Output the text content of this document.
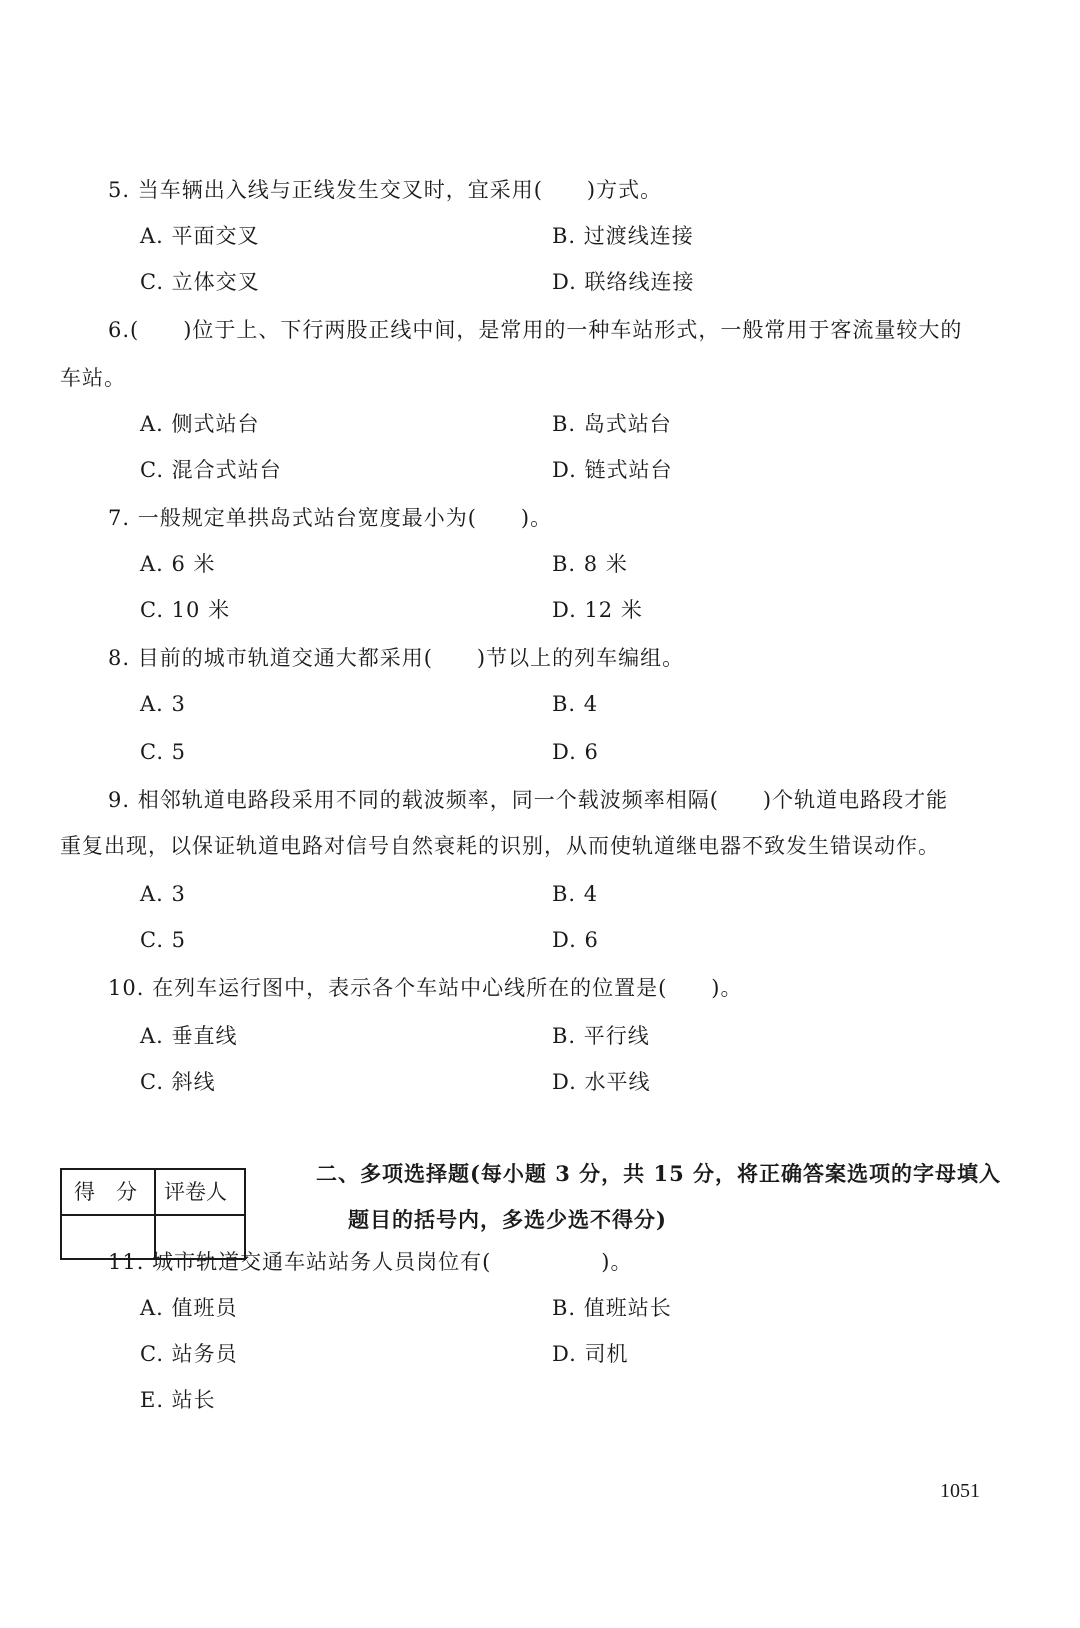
5. 当车辆出入线与正线发生交叉时，宜采用(　　)方式。
A. 平面交叉	B. 过渡线连接
C. 立体交叉	D. 联络线连接
6.(　　)位于上、下行两股正线中间，是常用的一种车站形式，一般常用于客流量较大的
车站。
A. 侧式站台	B. 岛式站台
C. 混合式站台	D. 链式站台
7. 一般规定单拱岛式站台宽度最小为(　　)。
A. 6 米	B. 8 米
C. 10 米	D. 12 米
8. 目前的城市轨道交通大都采用(　　)节以上的列车编组。
A. 3	B. 4
C. 5	D. 6
9. 相邻轨道电路段采用不同的载波频率，同一个载波频率相隔(　　)个轨道电路段才能
重复出现，以保证轨道电路对信号自然衰耗的识别，从而使轨道继电器不致发生错误动作。
A. 3	B. 4
C. 5	D. 6
10. 在列车运行图中，表示各个车站中心线所在的位置是(　　)。
A. 垂直线	B. 平行线
C. 斜线	D. 水平线
得　分 评卷人
二、多项选择题(每小题 3 分，共 15 分，将正确答案选项的字母填入
题目的括号内，多选少选不得分)
11. 城市轨道交通车站站务人员岗位有(　　　　　)。
A. 值班员	B. 值班站长
C. 站务员	D. 司机
E. 站长
1051
